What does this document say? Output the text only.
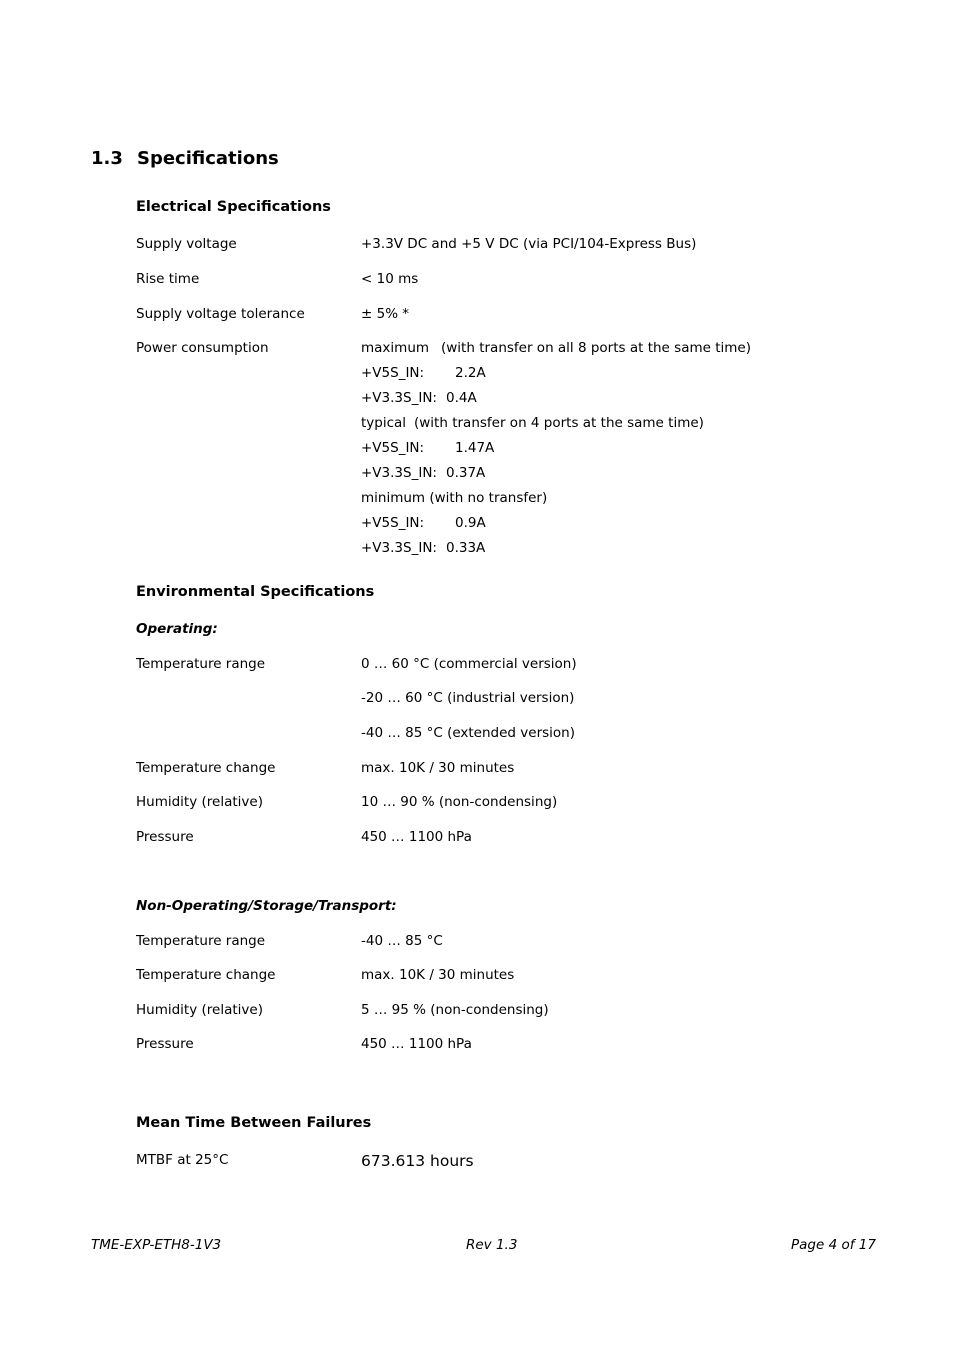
1.3 Specifications
Electrical Specifications
Supply voltage	+3.3V DC and +5 V DC (via PCI/104-Express Bus)
Rise time	< 10 ms
Supply voltage tolerance	± 5% *
Power consumption	maximum (with transfer on all 8 ports at the same time)
+V5S_IN: 2.2A
+V3.3S_IN: 0.4A
typical (with transfer on 4 ports at the same time)
+V5S_IN: 1.47A
+V3.3S_IN: 0.37A
minimum (with no transfer)
+V5S_IN: 0.9A
+V3.3S_IN: 0.33A
Environmental Specifications
Operating:
Temperature range	0 … 60 °C (commercial version)
-20 … 60 °C (industrial version)
-40 … 85 °C (extended version)
Temperature change	max. 10K / 30 minutes
Humidity (relative)	10 … 90 % (non-condensing)
Pressure	450 … 1100 hPa
Non-Operating/Storage/Transport:
Temperature range	-40 … 85 °C
Temperature change	max. 10K / 30 minutes
Humidity (relative)	5 … 95 % (non-condensing)
Pressure	450 … 1100 hPa
Mean Time Between Failures
MTBF at 25°C	673.613 hours
TME-EXP-ETH8-1V3	Rev 1.3	Page 4 of 17
